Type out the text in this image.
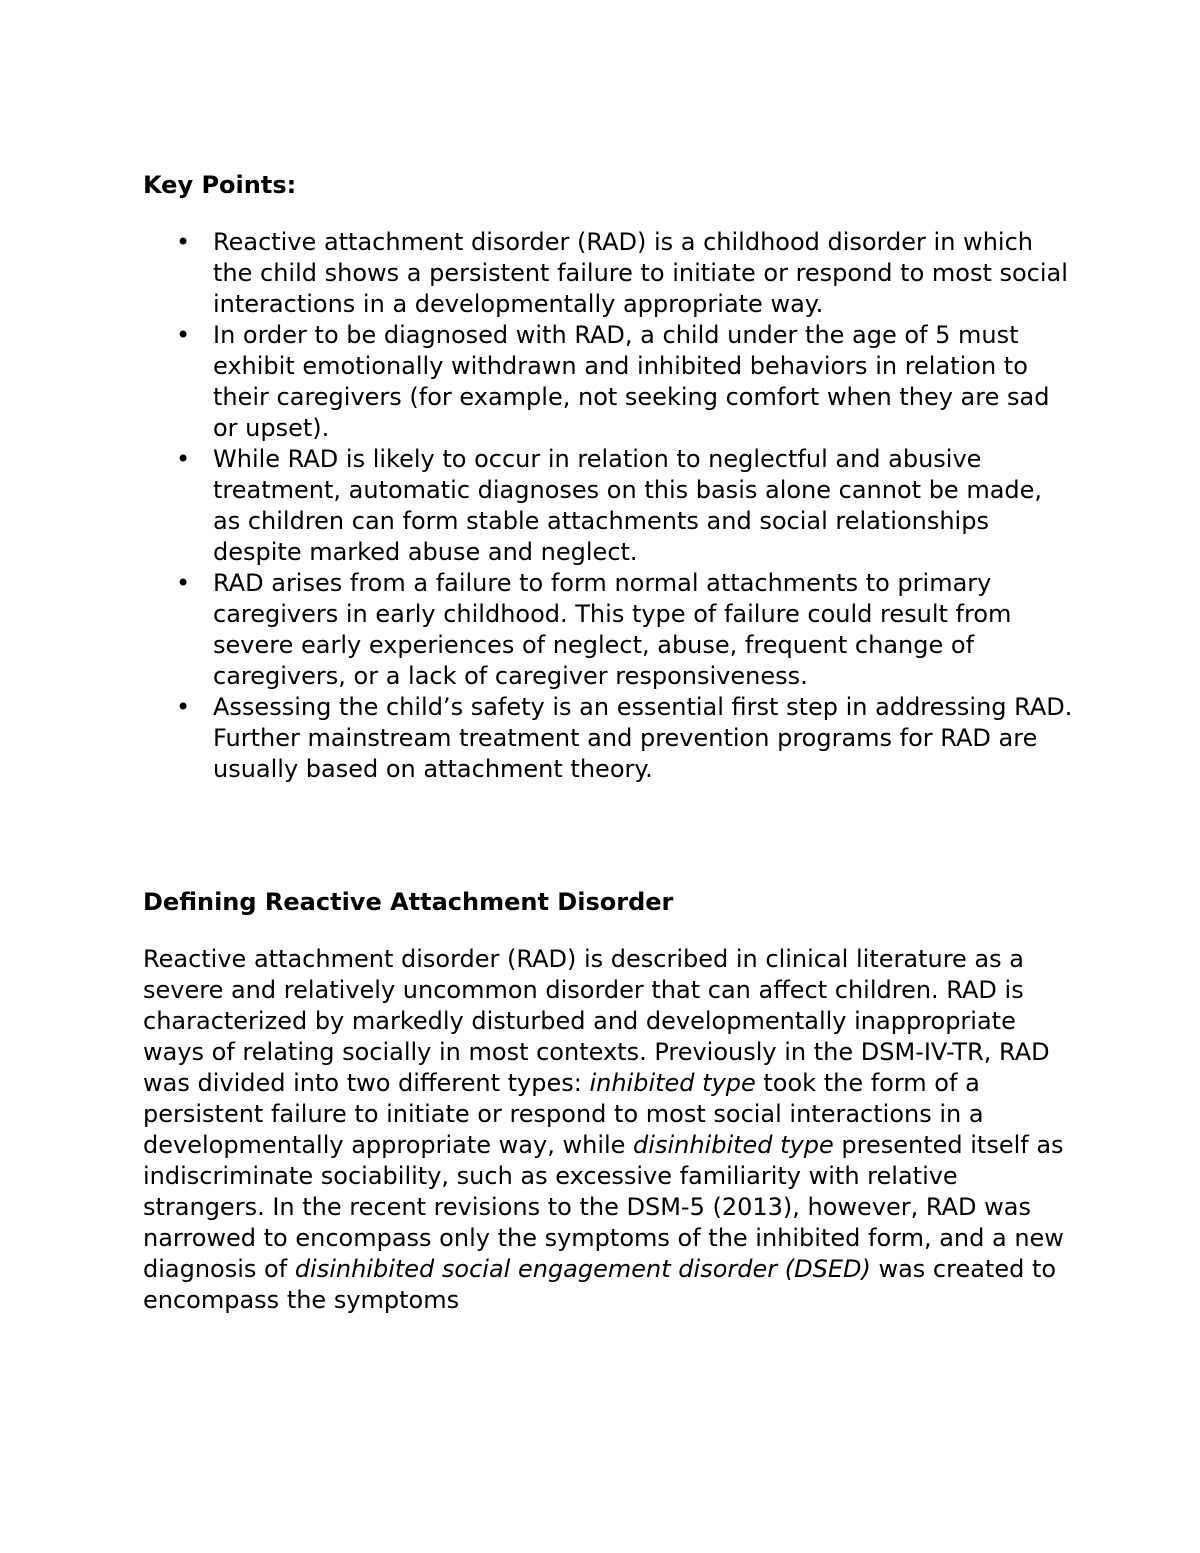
Key Points:
• Reactive attachment disorder (RAD) is a childhood disorder in which the child shows a persistent failure to initiate or respond to most social interactions in a developmentally appropriate way.
• In order to be diagnosed with RAD, a child under the age of 5 must exhibit emotionally withdrawn and inhibited behaviors in relation to their caregivers (for example, not seeking comfort when they are sad or upset).
• While RAD is likely to occur in relation to neglectful and abusive treatment, automatic diagnoses on this basis alone cannot be made, as children can form stable attachments and social relationships despite marked abuse and neglect.
• RAD arises from a failure to form normal attachments to primary caregivers in early childhood. This type of failure could result from severe early experiences of neglect, abuse, frequent change of caregivers, or a lack of caregiver responsiveness.
• Assessing the child’s safety is an essential first step in addressing RAD. Further mainstream treatment and prevention programs for RAD are usually based on attachment theory.
Defining Reactive Attachment Disorder

Reactive attachment disorder (RAD) is described in clinical literature as a severe and relatively uncommon disorder that can affect children. RAD is characterized by markedly disturbed and developmentally inappropriate ways of relating socially in most contexts. Previously in the DSM-IV-TR, RAD was divided into two different types: inhibited type took the form of a persistent failure to initiate or respond to most social interactions in a developmentally appropriate way, while disinhibited type presented itself as indiscriminate sociability, such as excessive familiarity with relative strangers. In the recent revisions to the DSM-5 (2013), however, RAD was narrowed to encompass only the symptoms of the inhibited form, and a new diagnosis of disinhibited social engagement disorder (DSED) was created to encompass the symptoms
